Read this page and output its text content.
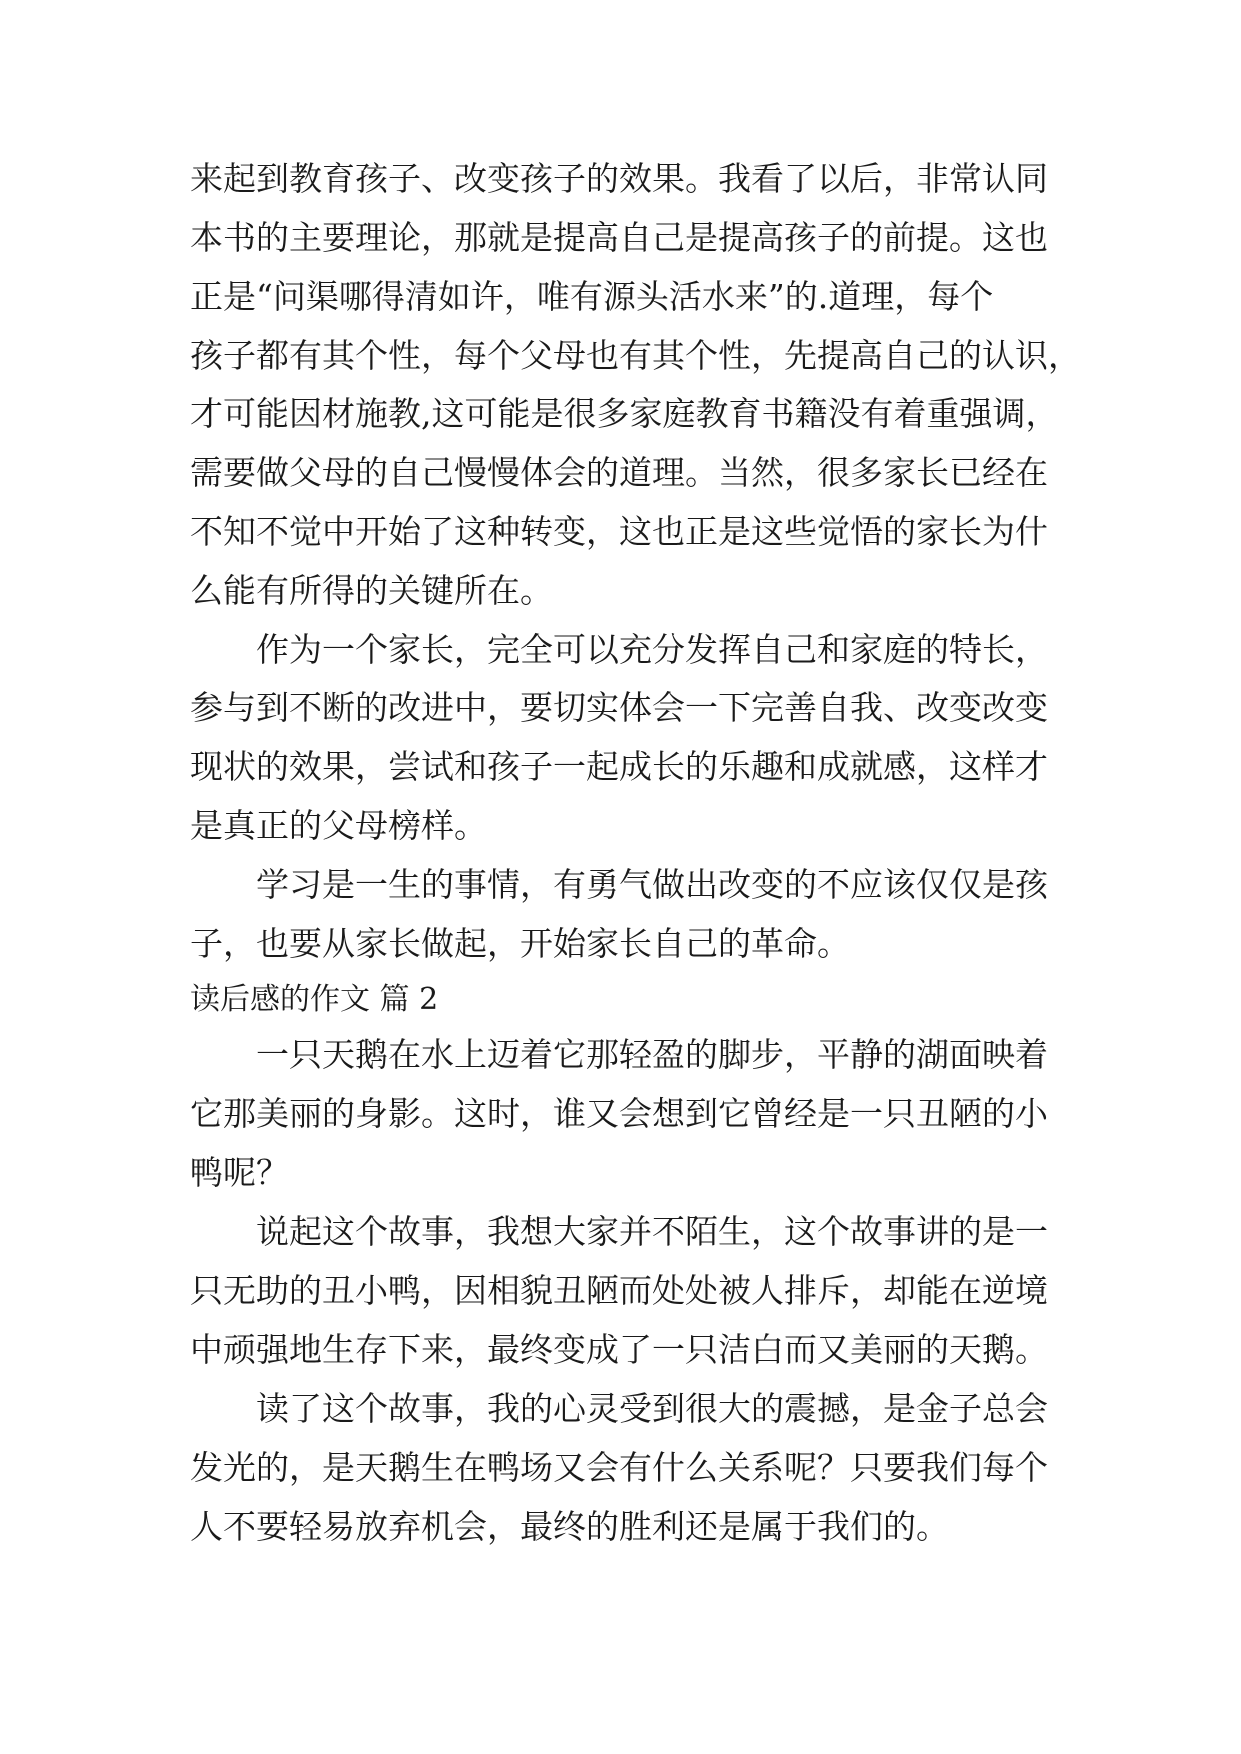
来起到教育孩子、改变孩子的效果。我看了以后，非常认同
本书的主要理论，那就是提高自己是提高孩子的前提。这也
正是“问渠哪得清如许，唯有源头活水来”的.道理，每个
孩子都有其个性，每个父母也有其个性，先提高自己的认识，
才可能因材施教,这可能是很多家庭教育书籍没有着重强调，
需要做父母的自己慢慢体会的道理。当然，很多家长已经在
不知不觉中开始了这种转变，这也正是这些觉悟的家长为什
么能有所得的关键所在。
作为一个家长，完全可以充分发挥自己和家庭的特长，
参与到不断的改进中，要切实体会一下完善自我、改变改变
现状的效果，尝试和孩子一起成长的乐趣和成就感，这样才
是真正的父母榜样。
学习是一生的事情，有勇气做出改变的不应该仅仅是孩
子，也要从家长做起，开始家长自己的革命。
读后感的作文 篇 2
一只天鹅在水上迈着它那轻盈的脚步，平静的湖面映着
它那美丽的身影。这时，谁又会想到它曾经是一只丑陋的小
鸭呢？
说起这个故事，我想大家并不陌生，这个故事讲的是一
只无助的丑小鸭，因相貌丑陋而处处被人排斥，却能在逆境
中顽强地生存下来，最终变成了一只洁白而又美丽的天鹅。
读了这个故事，我的心灵受到很大的震撼，是金子总会
发光的，是天鹅生在鸭场又会有什么关系呢？只要我们每个
人不要轻易放弃机会，最终的胜利还是属于我们的。
